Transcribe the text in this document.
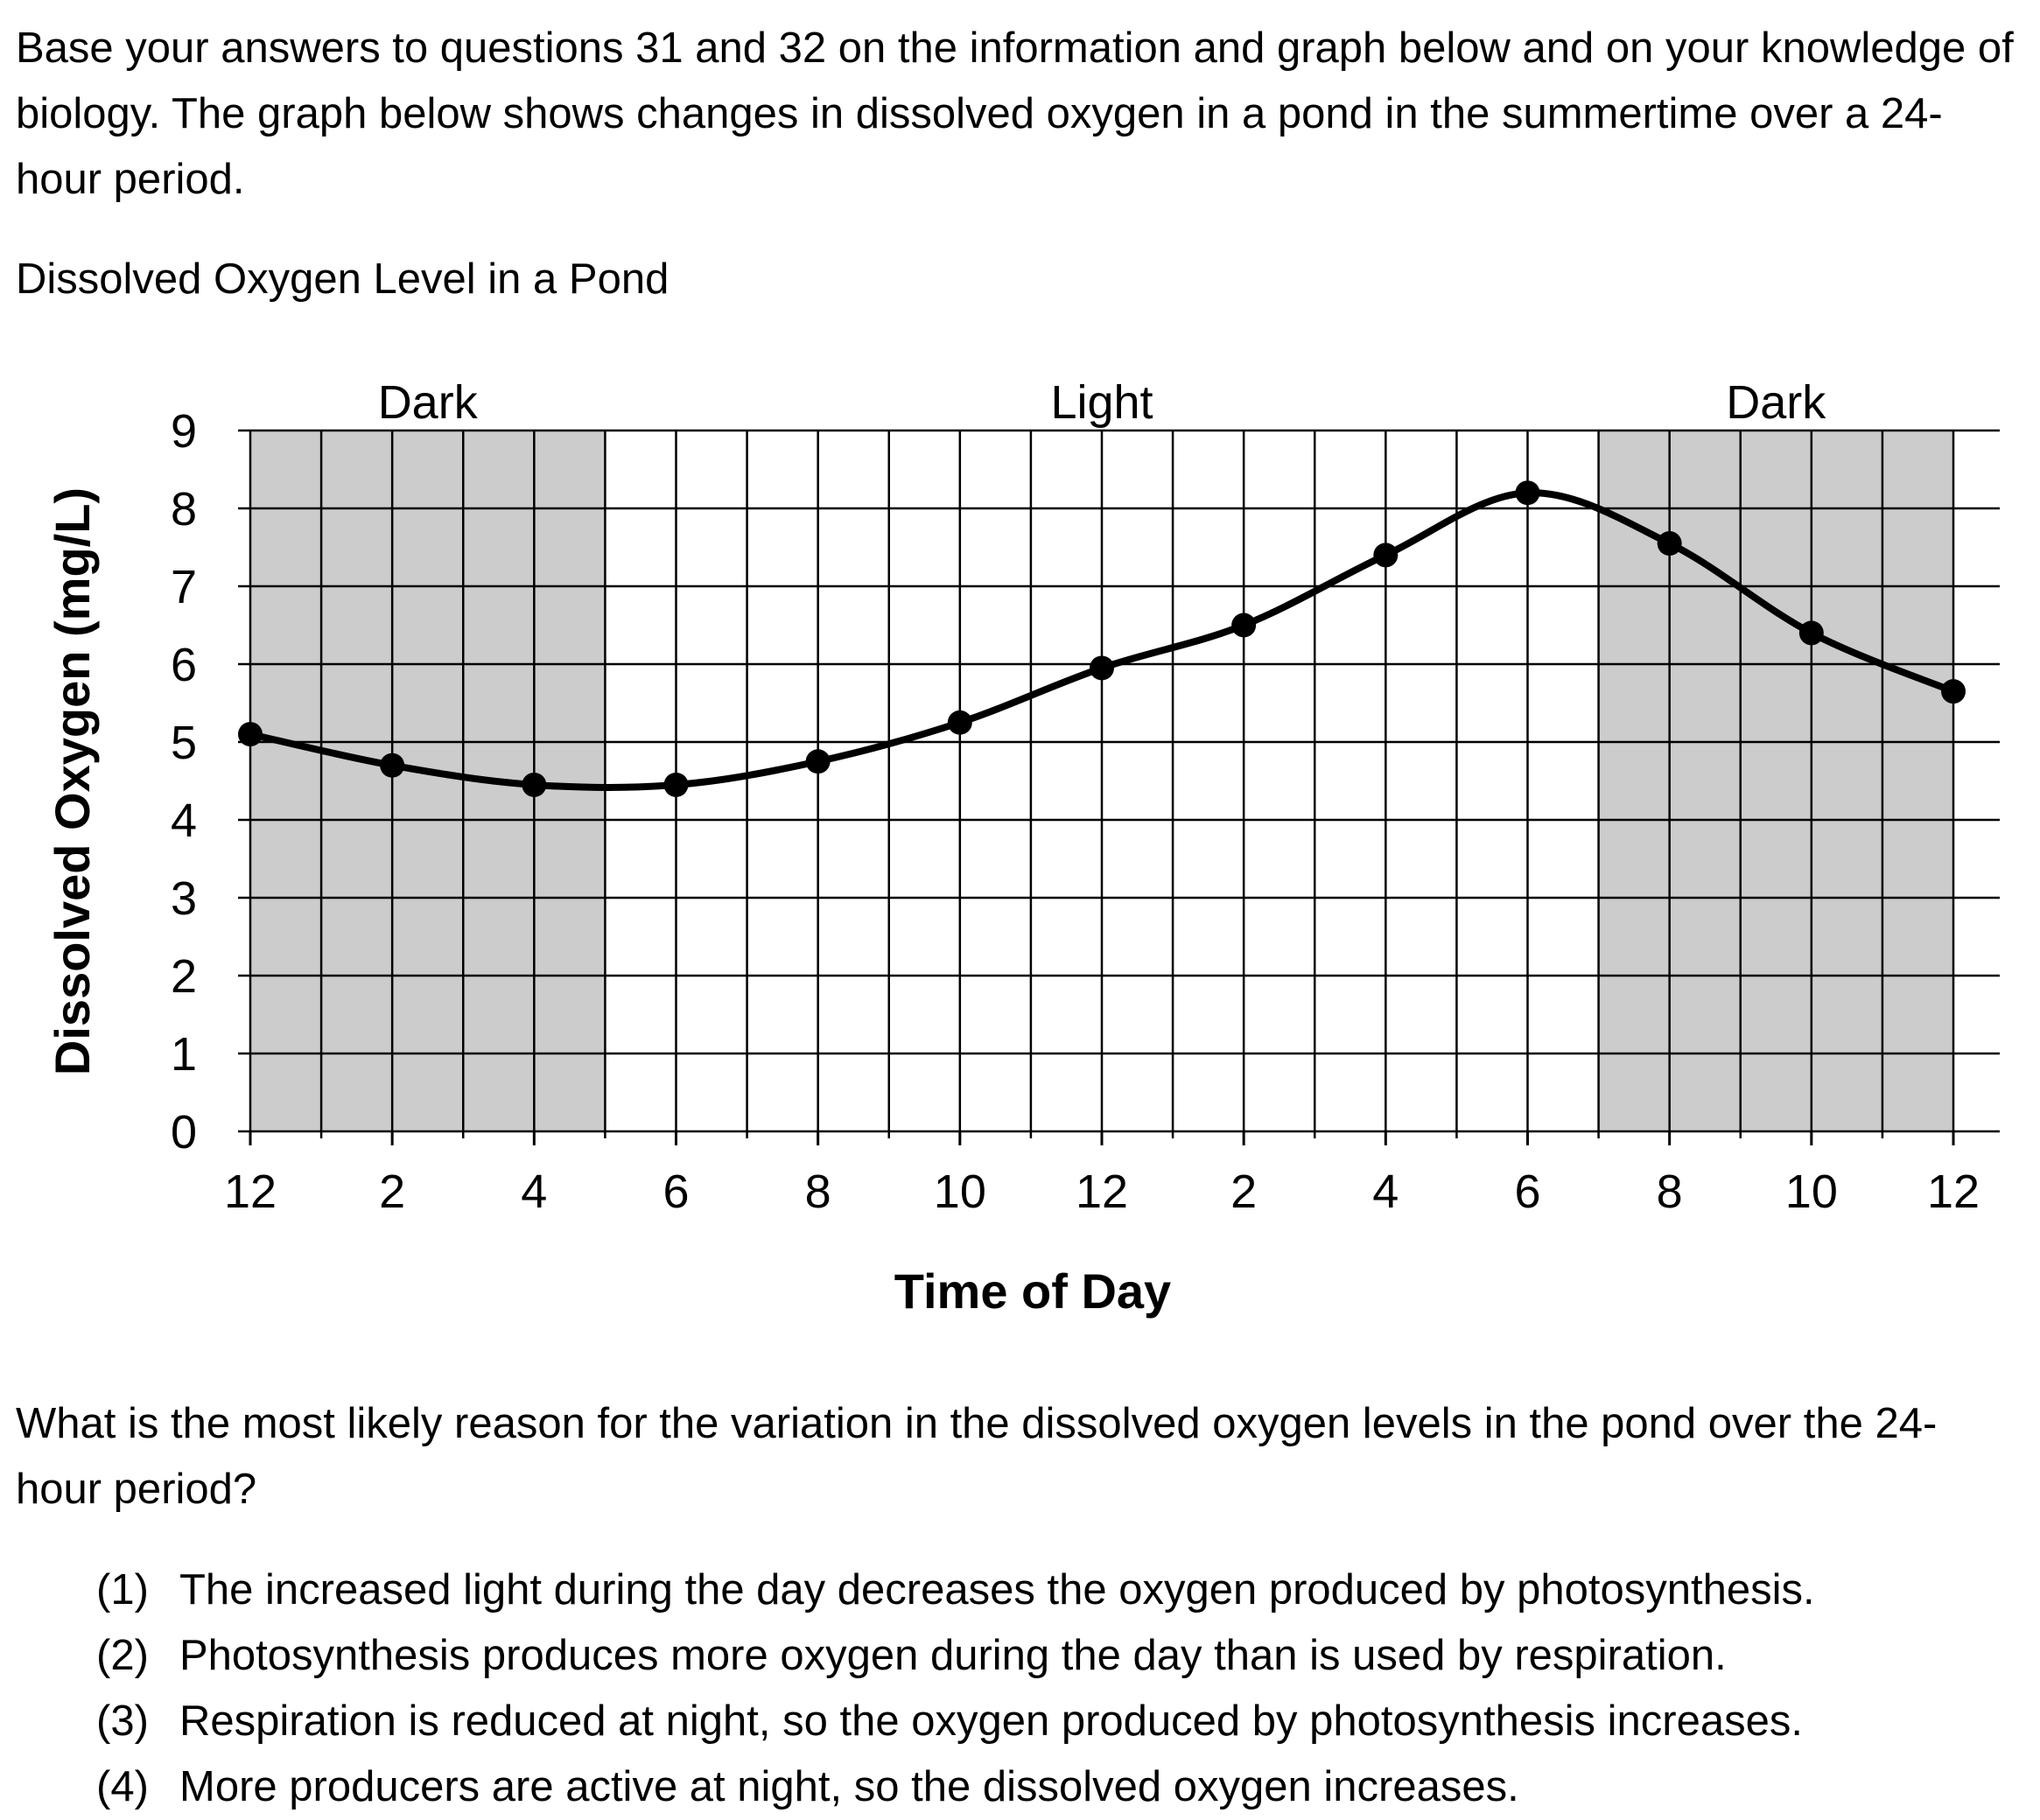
Base your answers to questions 31 and 32 on the information and graph below and on your knowledge of biology. The graph below shows changes in dissolved oxygen in a pond in the summertime over a 24-hour period.

Dissolved Oxygen Level in a Pond
Dark	Light	Dark
0
1
2
3
4
5
6
7
8
9
12 2 4 6 8 10 12 2 4 6 8 10 12
Time of Day
Dissolved Oxygen (mg/L)

What is the most likely reason for the variation in the dissolved oxygen levels in the pond over the 24-hour period?

(1) The increased light during the day decreases the oxygen produced by photosynthesis.
(2) Photosynthesis produces more oxygen during the day than is used by respiration.
(3) Respiration is reduced at night, so the oxygen produced by photosynthesis increases.
(4) More producers are active at night, so the dissolved oxygen increases.
